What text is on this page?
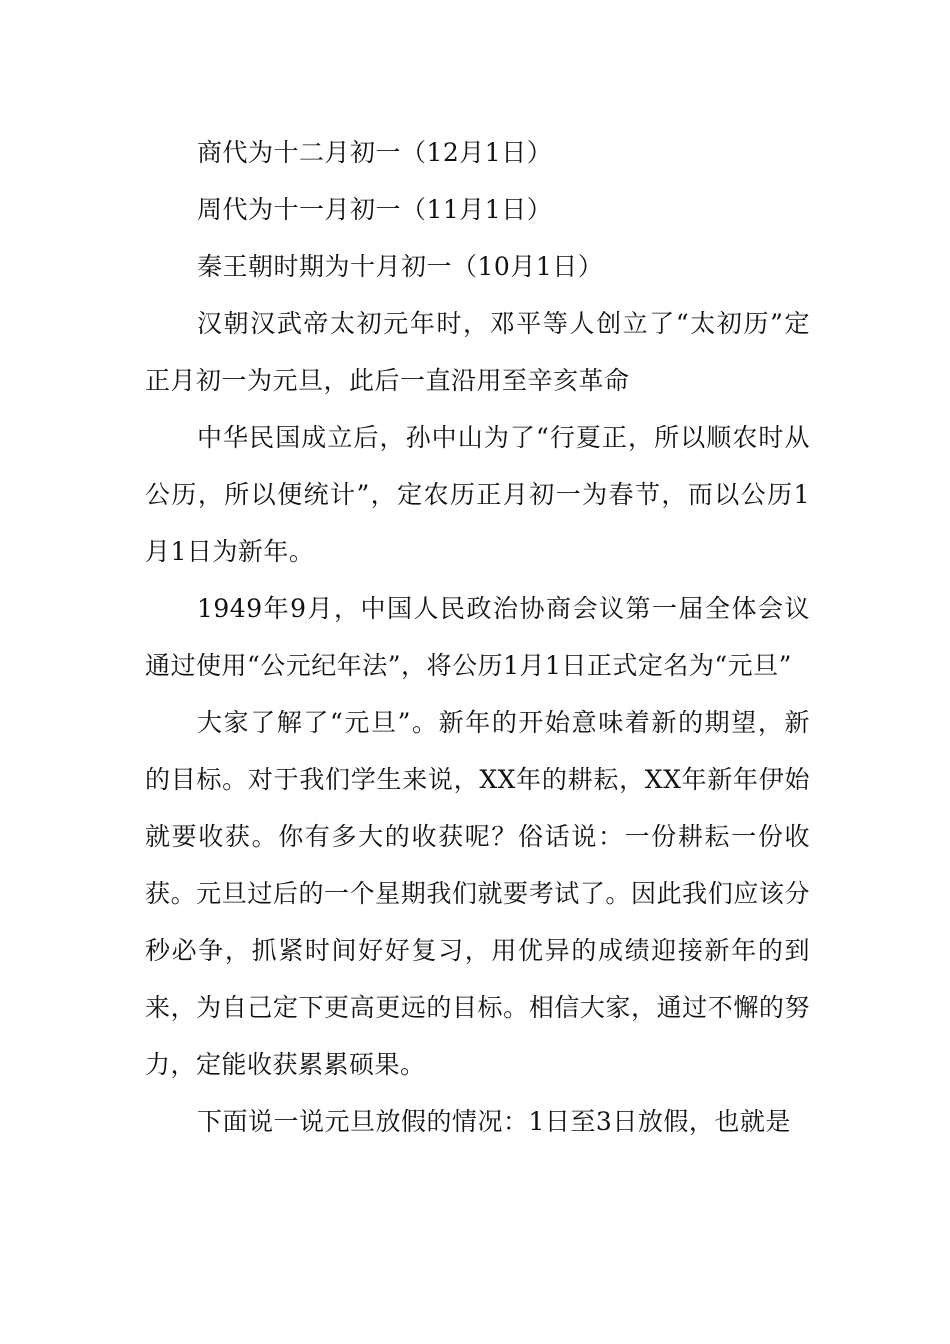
商代为十二月初一（12月1日）

周代为十一月初一（11月1日）

秦王朝时期为十月初一（10月1日）

汉朝汉武帝太初元年时，邓平等人创立了“太初历”定正月初一为元旦，此后一直沿用至辛亥革命

中华民国成立后，孙中山为了“行夏正，所以顺农时从公历，所以便统计”，定农历正月初一为春节，而以公历1月1日为新年。

1949年9月，中国人民政治协商会议第一届全体会议通过使用“公元纪年法”，将公历1月1日正式定名为“元旦”

大家了解了“元旦”。新年的开始意味着新的期望，新的目标。对于我们学生来说，XX年的耕耘，XX年新年伊始就要收获。你有多大的收获呢？俗话说：一份耕耘一份收获。元旦过后的一个星期我们就要考试了。因此我们应该分秒必争，抓紧时间好好复习，用优异的成绩迎接新年的到来，为自己定下更高更远的目标。相信大家，通过不懈的努力，定能收获累累硕果。

下面说一说元旦放假的情况：1日至3日放假，也就是
